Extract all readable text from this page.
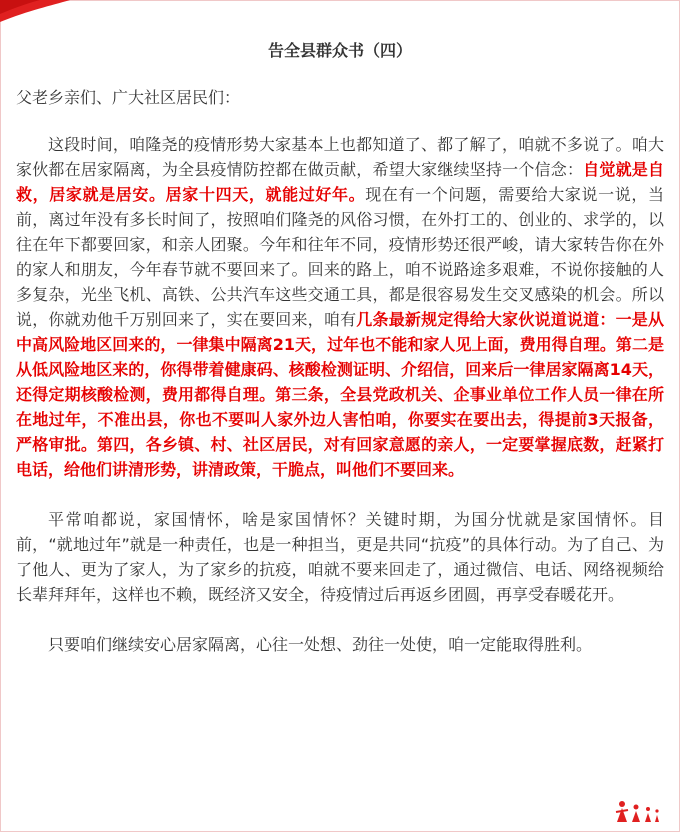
告全县群众书（四）
父老乡亲们、广大社区居民们：

这段时间，咱隆尧的疫情形势大家基本上也都知道了、都了解了，咱就不多说了。咱大家伙都在居家隔离，为全县疫情防控都在做贡献，希望大家继续坚持一个信念：自觉就是自救，居家就是居安。居家十四天，就能过好年。现在有一个问题，需要给大家说一说，当前，离过年没有多长时间了，按照咱们隆尧的风俗习惯，在外打工的、创业的、求学的，以往在年下都要回家，和亲人团聚。今年和往年不同，疫情形势还很严峻，请大家转告你在外的家人和朋友，今年春节就不要回来了。回来的路上，咱不说路途多艰难，不说你接触的人多复杂，光坐飞机、高铁、公共汽车这些交通工具，都是很容易发生交叉感染的机会。所以说，你就劝他千万别回来了，实在要回来，咱有几条最新规定得给大家伙说道说道：一是从中高风险地区回来的，一律集中隔离21天，过年也不能和家人见上面，费用得自理。第二是从低风险地区来的，你得带着健康码、核酸检测证明、介绍信，回来后一律居家隔离14天，还得定期核酸检测，费用都得自理。第三条，全县党政机关、企事业单位工作人员一律在所在地过年，不准出县，你也不要叫人家外边人害怕咱，你要实在要出去，得提前3天报备，严格审批。第四，各乡镇、村、社区居民，对有回家意愿的亲人，一定要掌握底数，赶紧打电话，给他们讲清形势，讲清政策，干脆点，叫他们不要回来。

平常咱都说，家国情怀，啥是家国情怀？关键时期，为国分忧就是家国情怀。目前，“就地过年”就是一种责任，也是一种担当，更是共同“抗疫”的具体行动。为了自己、为了他人、更为了家人，为了家乡的抗疫，咱就不要来回走了，通过微信、电话、网络视频给长辈拜拜年，这样也不赖，既经济又安全，待疫情过后再返乡团圆，再享受春暖花开。

只要咱们继续安心居家隔离，心往一处想、劲往一处使，咱一定能取得胜利。
